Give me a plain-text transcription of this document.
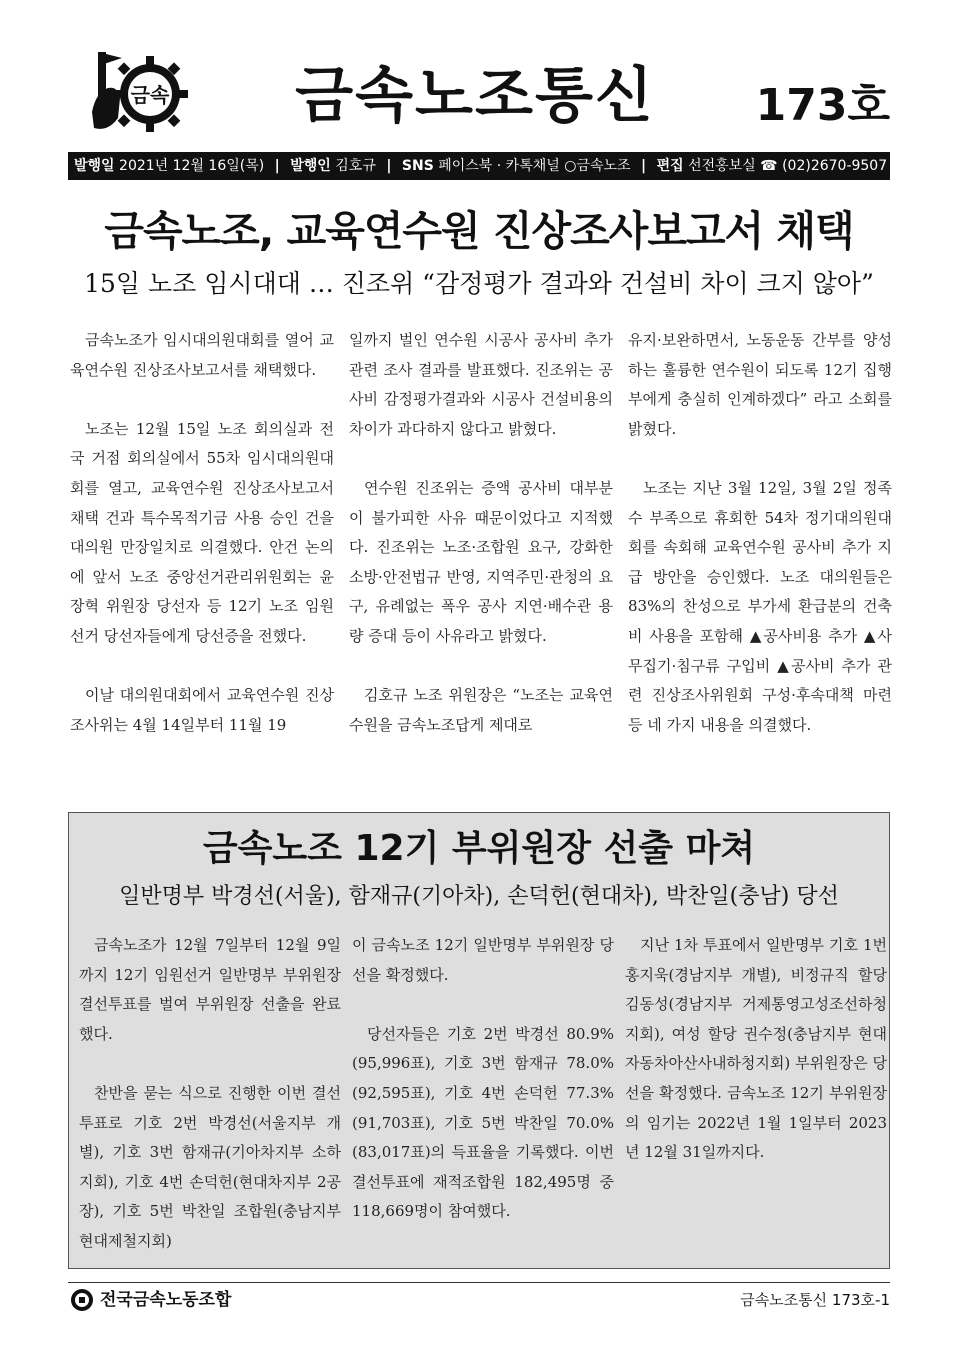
금속 금속노조통신	173호
발행일 2021년 12월 16일(목) | 발행인 김호규 | SNS 페이스북 · 카톡채널 ○금속노조 | 편집 선전홍보실 ☎ (02)2670-9507
금속노조, 교육연수원 진상조사보고서 채택
15일 노조 임시대대 … 진조위 “감정평가 결과와 건설비 차이 크지 않아”

금속노조가 임시대의원대회를 열어 교육연수원 진상조사보고서를 채택했다.

노조는 12월 15일 노조 회의실과 전국 거점 회의실에서 55차 임시대의원대회를 열고, 교육연수원 진상조사보고서 채택 건과 특수목적기금 사용 승인 건을 대의원 만장일치로 의결했다. 안건 논의에 앞서 노조 중앙선거관리위원회는 윤장혁 위원장 당선자 등 12기 노조 임원선거 당선자들에게 당선증을 전했다.

이날 대의원대회에서 교육연수원 진상조사위는 4월 14일부터 11월 19

일까지 벌인 연수원 시공사 공사비 추가 관련 조사 결과를 발표했다. 진조위는 공사비 감정평가결과와 시공사 건설비용의 차이가 과다하지 않다고 밝혔다.

연수원 진조위는 증액 공사비 대부분이 불가피한 사유 때문이었다고 지적했다. 진조위는 노조·조합원 요구, 강화한 소방·안전법규 반영, 지역주민·관청의 요구, 유례없는 폭우 공사 지연·배수관 용량 증대 등이 사유라고 밝혔다.

김호규 노조 위원장은 “노조는 교육연수원을 금속노조답게 제대로

유지·보완하면서, 노동운동 간부를 양성하는 훌륭한 연수원이 되도록 12기 집행부에게 충실히 인계하겠다” 라고 소회를 밝혔다.

노조는 지난 3월 12일, 3월 2일 정족수 부족으로 휴회한 54차 정기대의원대회를 속회해 교육연수원 공사비 추가 지급 방안을 승인했다. 노조 대의원들은 83%의 찬성으로 부가세 환급분의 건축비 사용을 포함해 ▲공사비용 추가 ▲사무집기·침구류 구입비 ▲공사비 추가 관련 진상조사위원회 구성·후속대책 마련 등 네 가지 내용을 의결했다.

금속노조 12기 부위원장 선출 마쳐
일반명부 박경선(서울), 함재규(기아차), 손덕헌(현대차), 박찬일(충남) 당선

금속노조가 12월 7일부터 12월 9일까지 12기 임원선거 일반명부 부위원장 결선투표를 벌여 부위원장 선출을 완료했다.

찬반을 묻는 식으로 진행한 이번 결선투표로 기호 2번 박경선(서울지부 개별), 기호 3번 함재규(기아차지부 소하지회), 기호 4번 손덕헌(현대차지부 2공장), 기호 5번 박찬일 조합원(충남지부 현대제철지회)

이 금속노조 12기 일반명부 부위원장 당선을 확정했다.

당선자들은 기호 2번 박경선 80.9%(95,996표), 기호 3번 함재규 78.0%(92,595표), 기호 4번 손덕헌 77.3%(91,703표), 기호 5번 박찬일 70.0%(83,017표)의 득표율을 기록했다. 이번 결선투표에 재적조합원 182,495명 중 118,669명이 참여했다.

지난 1차 투표에서 일반명부 기호 1번 홍지욱(경남지부 개별), 비정규직 할당 김동성(경남지부 거제통영고성조선하청지회), 여성 할당 권수정(충남지부 현대자동차아산사내하청지회) 부위원장은 당선을 확정했다. 금속노조 12기 부위원장의 임기는 2022년 1월 1일부터 2023년 12월 31일까지다.

전국금속노동조합	금속노조통신 173호-1
